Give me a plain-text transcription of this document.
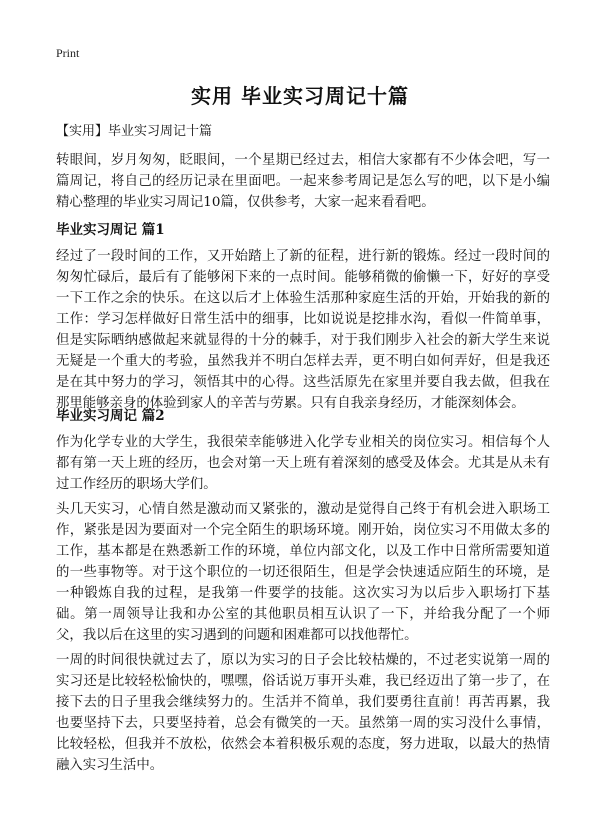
Print
实用 毕业实习周记十篇
【实用】毕业实习周记十篇

转眼间，岁月匆匆，眨眼间，一个星期已经过去，相信大家都有不少体会吧，写一篇周记，将自己的经历记录在里面吧。一起来参考周记是怎么写的吧，以下是小编精心整理的毕业实习周记10篇，仅供参考，大家一起来看看吧。

毕业实习周记 篇1

经过了一段时间的工作，又开始踏上了新的征程，进行新的锻炼。经过一段时间的匆匆忙碌后，最后有了能够闲下来的一点时间。能够稍微的偷懒一下，好好的享受一下工作之余的快乐。在这以后才上体验生活那种家庭生活的开始，开始我的新的工作：学习怎样做好日常生活中的细事，比如说说是挖排水沟，看似一件简单事，但是实际晒纳感做起来就显得的十分的棘手，对于我们刚步入社会的新大学生来说无疑是一个重大的考验，虽然我并不明白怎样去弄，更不明白如何弄好，但是我还是在其中努力的学习，领悟其中的心得。这些活原先在家里并要自我去做，但我在那里能够亲身的体验到家人的辛苦与劳累。只有自我亲身经历，才能深刻体会。

毕业实习周记 篇2

作为化学专业的大学生，我很荣幸能够进入化学专业相关的岗位实习。相信每个人都有第一天上班的经历，也会对第一天上班有着深刻的感受及体会。尤其是从未有过工作经历的职场大学们。

头几天实习，心情自然是激动而又紧张的，激动是觉得自己终于有机会进入职场工作，紧张是因为要面对一个完全陌生的职场环境。刚开始，岗位实习不用做太多的工作，基本都是在熟悉新工作的环境，单位内部文化，以及工作中日常所需要知道的一些事物等。对于这个职位的一切还很陌生，但是学会快速适应陌生的环境，是一种锻炼自我的过程，是我第一件要学的技能。这次实习为以后步入职场打下基础。第一周领导让我和办公室的其他职员相互认识了一下，并给我分配了一个师父，我以后在这里的实习遇到的问题和困难都可以找他帮忙。

一周的时间很快就过去了，原以为实习的日子会比较枯燥的，不过老实说第一周的实习还是比较轻松愉快的，嘿嘿，俗话说万事开头难，我已经迈出了第一步了，在接下去的日子里我会继续努力的。生活并不简单，我们要勇往直前！再苦再累，我也要坚持下去，只要坚持着，总会有微笑的一天。虽然第一周的实习没什么事情，比较轻松，但我并不放松，依然会本着积极乐观的态度，努力进取，以最大的热情融入实习生活中。
